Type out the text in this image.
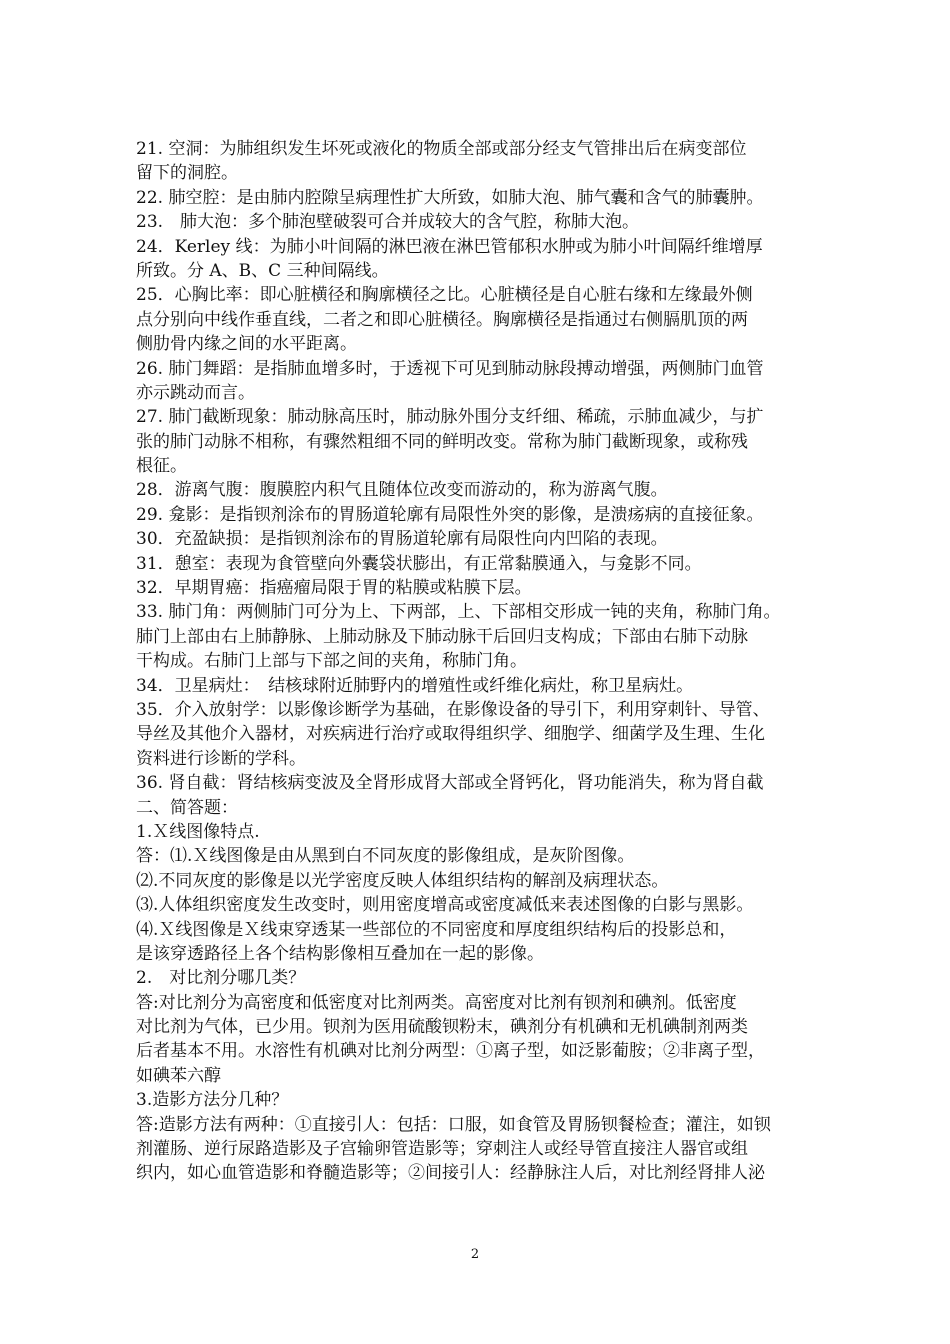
21. 空洞：为肺组织发生坏死或液化的物质全部或部分经支气管排出后在病变部位
留下的洞腔。
22. 肺空腔：是由肺内腔隙呈病理性扩大所致，如肺大泡、肺气囊和含气的肺囊肿。
23.　肺大泡：多个肺泡壁破裂可合并成较大的含气腔，称肺大泡。
24．Kerley 线：为肺小叶间隔的淋巴液在淋巴管郁积水肿或为肺小叶间隔纤维增厚
所致。分 A、B、C 三种间隔线。
25．心胸比率：即心脏横径和胸廓横径之比。心脏横径是自心脏右缘和左缘最外侧
点分别向中线作垂直线，二者之和即心脏横径。胸廓横径是指通过右侧膈肌顶的两
侧肋骨内缘之间的水平距离。
26. 肺门舞蹈：是指肺血增多时，于透视下可见到肺动脉段搏动增强，两侧肺门血管
亦示跳动而言。
27. 肺门截断现象：肺动脉高压时，肺动脉外围分支纤细、稀疏，示肺血减少，与扩
张的肺门动脉不相称，有骤然粗细不同的鲜明改变。常称为肺门截断现象，或称残
根征。
28．游离气腹：腹膜腔内积气且随体位改变而游动的，称为游离气腹。
29. 龛影：是指钡剂涂布的胃肠道轮廓有局限性外突的影像，是溃疡病的直接征象。
30．充盈缺损：是指钡剂涂布的胃肠道轮廓有局限性向内凹陷的表现。
31．憩室：表现为食管壁向外囊袋状膨出，有正常黏膜通入，与龛影不同。
32．早期胃癌：指癌瘤局限于胃的粘膜或粘膜下层。
33. 肺门角：两侧肺门可分为上、下两部，上、下部相交形成一钝的夹角，称肺门角。
肺门上部由右上肺静脉、上肺动脉及下肺动脉干后回归支构成；下部由右肺下动脉
干构成。右肺门上部与下部之间的夹角，称肺门角。
34．卫星病灶：　结核球附近肺野内的增殖性或纤维化病灶，称卫星病灶。
35．介入放射学：以影像诊断学为基础，在影像设备的导引下，利用穿刺针、导管、
导丝及其他介入器材，对疾病进行治疗或取得组织学、细胞学、细菌学及生理、生化
资料进行诊断的学科。
36. 肾自截：肾结核病变波及全肾形成肾大部或全肾钙化，肾功能消失，称为肾自截
二、简答题：
1.Ｘ线图像特点.
答：⑴.Ｘ线图像是由从黑到白不同灰度的影像组成，是灰阶图像。
⑵.不同灰度的影像是以光学密度反映人体组织结构的解剖及病理状态。
⑶.人体组织密度发生改变时，则用密度增高或密度减低来表述图像的白影与黑影。
⑷.Ｘ线图像是Ｘ线束穿透某一些部位的不同密度和厚度组织结构后的投影总和，
是该穿透路径上各个结构影像相互叠加在一起的影像。
2.　对比剂分哪几类？
答:对比剂分为高密度和低密度对比剂两类。高密度对比剂有钡剂和碘剂。低密度
对比剂为气体，已少用。钡剂为医用硫酸钡粉末，碘剂分有机碘和无机碘制剂两类
后者基本不用。水溶性有机碘对比剂分两型：①离子型，如泛影葡胺；②非离子型，
如碘苯六醇
3.造影方法分几种？
答:造影方法有两种：①直接引人：包括：口服，如食管及胃肠钡餐检查；灌注，如钡
剂灌肠、逆行尿路造影及子宫输卵管造影等；穿刺注人或经导管直接注人器官或组
织内，如心血管造影和脊髓造影等；②间接引人：经静脉注人后，对比剂经肾排人泌
2
